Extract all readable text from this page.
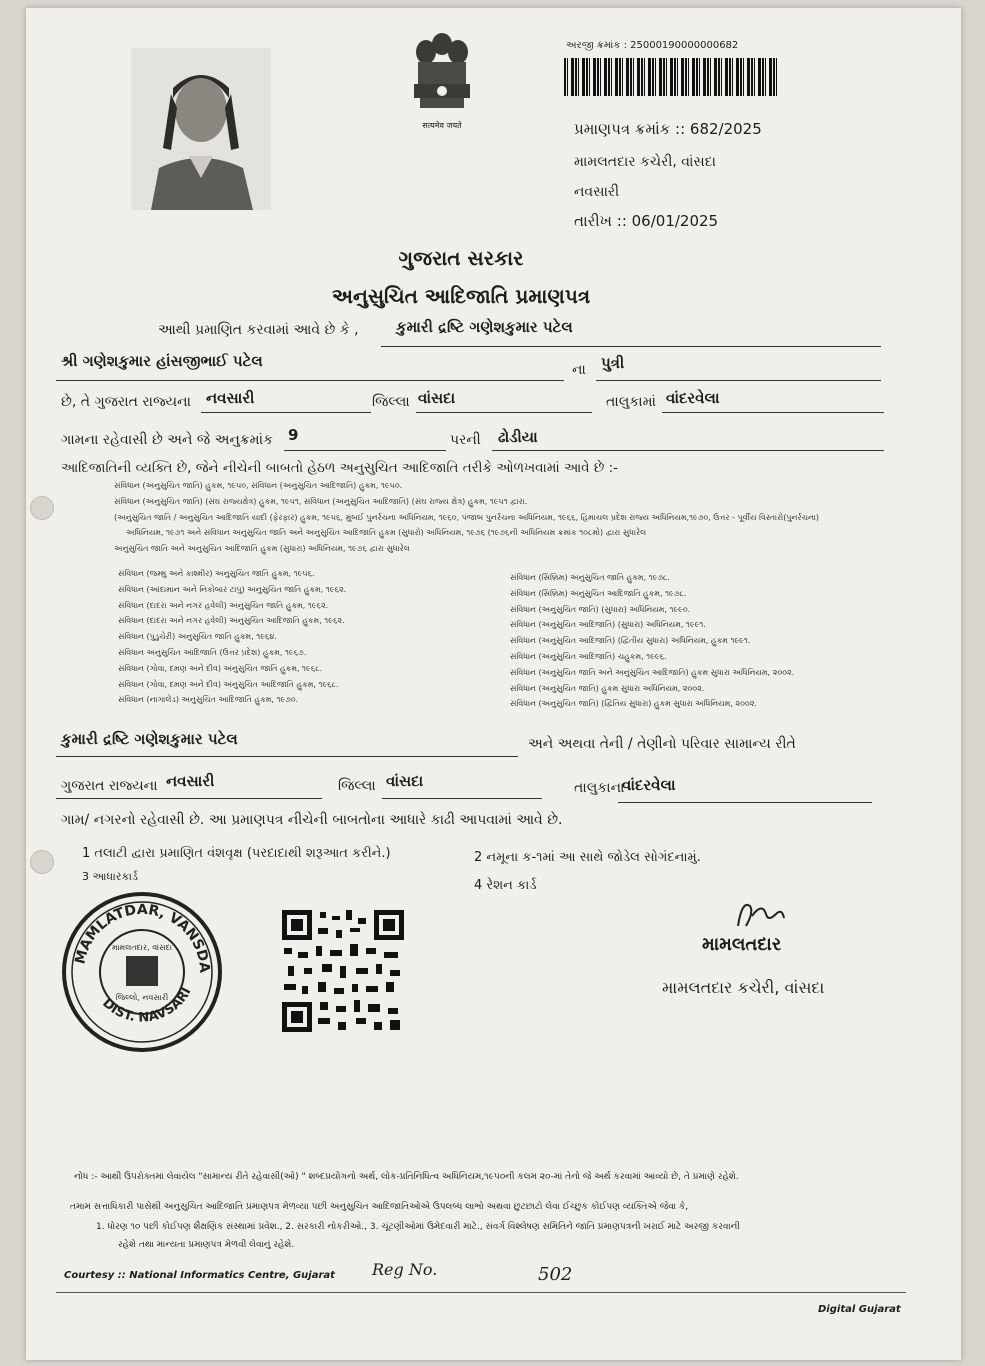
सत्यमेव जयते
અરજી ક્રમાંક : 25000190000000682
પ્રમાણપત્ર ક્રમાંક :: 682/2025
મામલતદાર કચેરી, વાંસદા
નવસારી
તારીખ :: 06/01/2025
ગુજરાત સરકાર
અનુસુચિત આદિજાતિ પ્રમાણપત્ર
આથી પ્રમાણિત કરવામાં આવે છે કે , કુમારી દ્રષ્ટિ ગણેશકુમાર પટેલ
શ્રી ગણેશકુમાર હાંસજીભાઈ પટેલ	ના પુત્રી
છે, તે ગુજરાત રાજ્યના નવસારી	જિલ્લા વાંસદા	તાલુકામાં વાંદરવેલા
ગામના રહેવાસી છે અને જે અનુક્રમાંક 9	પરની ઢોડીયા
આદિજાતિની વ્યક્તિ છે, જેને નીચેની બાબતો હેઠળ અનુસુચિત આદિજાતિ તરીકે ઓળખવામાં આવે છે :-
સંવિધાન (અનુસુચિત જાતિ) હુકમ, ૧૯૫૦, સંવિધાન (અનુસુચિત આદિજાતિ) હુકમ, ૧૯૫૦.
સંવિધાન (અનુસુચિત જાતિ) (સંઘ રાજ્યક્ષેત્ર) હુકમ, ૧૯૫૧, સંવિધાન (અનુસુચિત આદિજાતિ) (સંઘ રાજ્ય ક્ષેત્ર) હુકમ, ૧૯૫૧ દ્વારા.
(અનુસુચિત જાતિ / અનુસુચિત આદિજાતિ યાદી (ફેરફાર) હુકમ, ૧૯૫૬, મુંબઈ પુનર્રચના અધિનિયમ, ૧૯૬૦, પંજાબ પુનર્રચના અધિનિયમ, ૧૯૬૬, હિમાચલ પ્રદેશ રાજ્ય અધિનિયમ,૧૯૭૦, ઉત્તર - પૂર્વીય વિસ્તારો(પુનર્રચના)
અધિનિયમ, ૧૯૭૧ અને સંવિધાન અનુસુચિત જાતિ અને અનુસુચિત આદિજાતિ હુકમ (સુધારો) અધિનિયમ, ૧૯૭૬ (૧૯૭૬ની અધિનિયમ ક્રમાંક ૧૦૮મો) દ્વારા સુધારેલ
અનુસુચિત જાતિ અને અનુસુચિત આદિજાતિ હુકમ (સુધારા) અધિનિયમ, ૧૯૭૬ દ્વારા સુધારેલ
સંવિધાન (જમ્મુ અને કાશ્મીર) અનુસુચિત જાતિ હુકમ, ૧૯૫૬.
સંવિધાન (આંદામાન અને નિકોબાર ટાપુ) અનુસુચિત જાતિ હુકમ, ૧૯૬૨.
સંવિધાન (દાદરા અને નગર હવેલી) અનુસુચિત જાતિ હુકમ, ૧૯૬૨.
સંવિધાન (દાદરા અને નગર હવેલી) અનુસુચિત આદિજાતિ હુકમ, ૧૯૬૨.
સંવિધાન (પુડુચેરી) અનુસુચિત જાતિ હુકમ, ૧૯૬૪.
સંવિધાન અનુસુચિત આદિજાતિ (ઉત્તર પ્રદેશ) હુકમ, ૧૯૬૭.
સંવિધાન (ગોવા, દમણ અને દીવ) અનુસુચિત જાતિ હુકમ, ૧૯૬૮.
સંવિધાન (ગોવા, દમણ અને દીવ) અનુસુચિત આદિજાતિ હુકમ, ૧૯૬૮.
સંવિધાન (નાગાલેંડ) અનુસુચિત આદિજાતિ હુકમ, ૧૯૭૦.
સંવિધાન (સિક્કિમ) અનુસુચિત જાતિ હુકમ, ૧૯૭૮.
સંવિધાન (સિક્કિમ) અનુસુચિત આદિજાતિ હુકમ, ૧૯૭૮.
સંવિધાન (અનુસુચિત જાતિ) (સુધારા) અધિનિયમ, ૧૯૯૦.
સંવિધાન (અનુસુચિત આદિજાતિ) (સુધારા) અધિનિયમ, ૧૯૯૧.
સંવિધાન (અનુસુચિત આદિજાતિ) (દ્વિતીય સુધારા) અધિનિયમ, હુકમ ૧૯૯૧.
સંવિધાન (અનુસુચિત આદિજાતિ) ચહુકમ, ૧૯૯૬.
સંવિધાન (અનુસુચિત જાતિ અને અનુસુચિત આદિજાતિ) હુકમ સુધારા અધિનિયમ, ૨૦૦૨.
સંવિધાન (અનુસુચિત જાતિ) હુકમ સુધારા અધિનિયમ, ૨૦૦૨.
સંવિધાન (અનુસુચિત જાતિ) (દ્વિતિય સુધારા) હુકમ સુધારા અધિનિયમ, ૨૦૦૨.
કુમારી દ્રષ્ટિ ગણેશકુમાર પટેલ	અને અથવા તેની / તેણીનો પરિવાર સામાન્ય રીતે
ગુજરાત રાજ્યના નવસારી	જિલ્લા વાંસદા	તાલુકાના
વાંદરવેલા
ગામ/ નગરનો રહેવાસી છે. આ પ્રમાણપત્ર નીચેની બાબતોના આધારે કાઢી આપવામાં આવે છે.
1 તલાટી દ્વારા પ્રમાણિત વંશવૃક્ષ (પરદાદાથી શરૂઆત કરીને.)	2 નમૂના ક-૧માં આ સાથે જોડેલ સોગંદનામું.
3 આધારકાર્ડ
4 રેશન કાર્ડ
MAMLATDAR, VANSDA
DIST. NAVSARI
મામલતદાર, વાંસદા
જિલ્લો, નવસારી
મામલતદાર
મામલતદાર કચેરી, વાંસદા
નોંધ :- આથી ઉપરોક્તમાં લેવાયેલ "સામાન્ય રીતે રહેવાસી(ઓ) " શબ્દપ્રયોગનો અર્થ, લોક-પ્રતિનિધિત્વ અધિનિયમ,૧૯૫૦ની કલમ ૨૦-માં તેનો જે અર્થ કરવામાં આવ્યો છે, તે પ્રમાણે રહેશે.
તમામ સત્તાધિકારી પાસેથી અનુસુચિત આદિજાતિ પ્રમાણપત્ર મેળવ્યા પછી અનુસુચિત આદિજાતિઓએ ઉપલબ્ધ લાભો અથવા છુટછાટો લેવા ઈચ્છુક કોઈપણ વ્યક્તિએ જેવા કે,
1. ધોરણ ૧૦ પછી કોઈપણ શૈક્ષણિક સંસ્થામાં પ્રવેશ., 2. સરકારી નોકરીઓ., 3. ચૂંટણીઓમાં ઉમેદવારી માટે., સંવર્ગ વિશ્લેષણ સમિતિને જાતિ પ્રમાણપત્રની ખરાઈ માટે અરજી કરવાની
રહેશે તથા માન્યતા પ્રમાણપત્ર મેળવી લેવાનું રહેશે.
Courtesy :: National Informatics Centre, Gujarat Reg No.	502
Digital Gujarat
